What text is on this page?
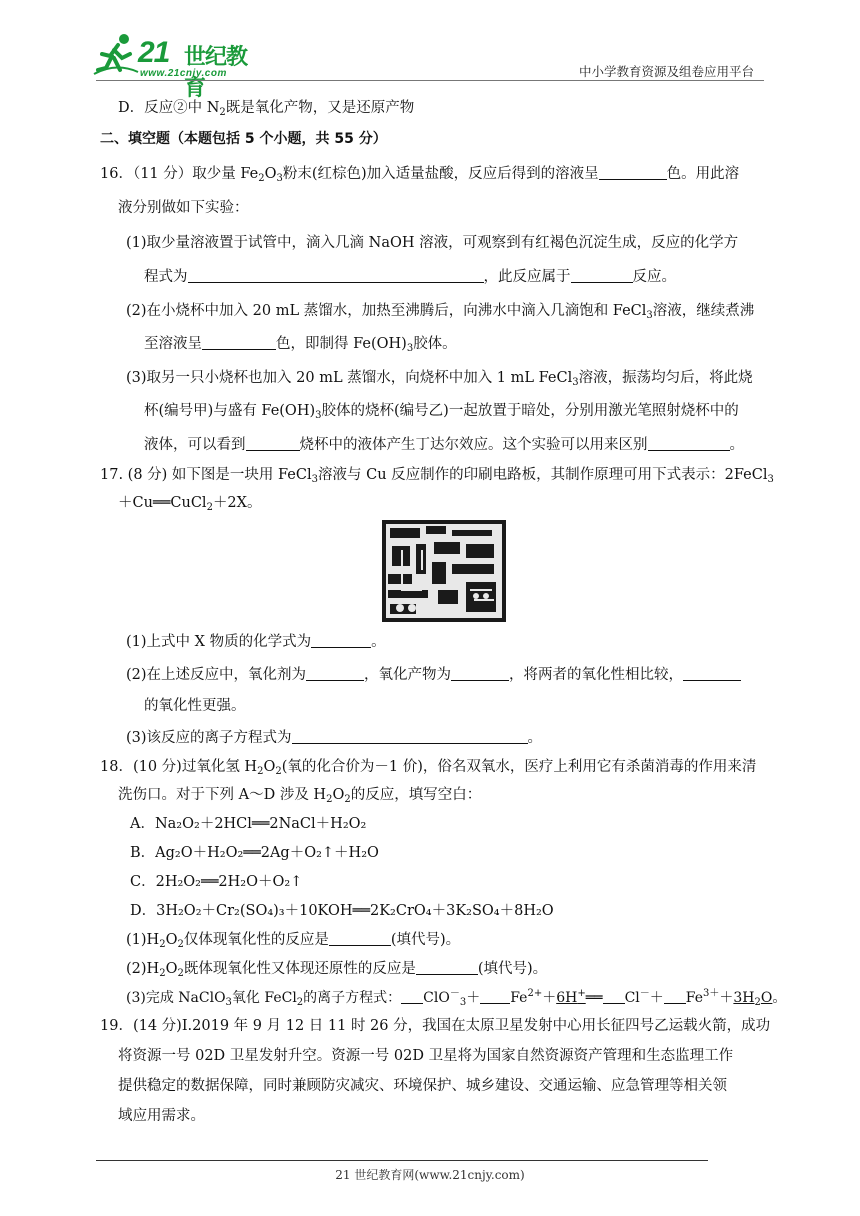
21 世纪教育
www.21cnjy.com	中小学教育资源及组卷应用平台
D．反应②中 $N_2$既是氧化产物，又是还原产物
二、填空题（本题包括 5 个小题，共 55 分）
16．（11 分）取少量 $Fe_2O_3$粉末(红棕色)加入适量盐酸，反应后得到的溶液呈	色。用此溶
液分别做如下实验：
(1)取少量溶液置于试管中，滴入几滴 NaOH 溶液，可观察到有红褐色沉淀生成，反应的化学方
程式为	，此反应属于	反应。
(2)在小烧杯中加入 20 mL 蒸馏水，加热至沸腾后，向沸水中滴入几滴饱和 FeCl$_3$溶液，继续煮沸
至溶液呈	色，即制得 $Fe(OH)_3$胶体。
(3)取另一只小烧杯也加入 20 mL 蒸馏水，向烧杯中加入 1 mL FeCl$_3$溶液，振荡均匀后，将此烧
杯(编号甲)与盛有 $Fe(OH)_3$胶体的烧杯(编号乙)一起放置于暗处，分别用激光笔照射烧杯中的
液体，可以看到	烧杯中的液体产生丁达尔效应。这个实验可以用来区别	。
17. (8 分) 如下图是一块用 FeCl$_3$溶液与 Cu 反应制作的印刷电路板，其制作原理可用下式表示：2FeCl$_3$
＋Cu══CuCl$_2$＋2X。
(1)上式中 X 物质的化学式为	。
(2)在上述反应中，氧化剂为	，氧化产物为	，将两者的氧化性相比较，
的氧化性更强。
(3)该反应的离子方程式为	。
18．(10 分)过氧化氢 $H_2O_2$(氧的化合价为－1 价)，俗名双氧水，医疗上利用它有杀菌消毒的作用来清
洗伤口。对于下列 A～D 涉及 $H_2O_2$的反应，填写空白：
A．Na₂O₂＋2HCl══2NaCl＋H₂O₂
B．Ag₂O＋H₂O₂══2Ag＋O₂↑＋H₂O
C．2H₂O₂══2H₂O＋O₂↑
D．3H₂O₂＋Cr₂(SO₄)₃＋10KOH══2K₂CrO₄＋3K₂SO₄＋8H₂O
$(1)H_2O_2$仅体现氧化性的反应是	(填代号)。
$(2)H_2O_2$既体现氧化性又体现还原性的反应是	(填代号)。
(3)完成 NaClO$_3$氧化 FeCl$_2$的离子方程式： $ClO^-_3+ Fe^{2+}+6H^+══$ $Cl^-+ Fe^{3+}+3H_2O$。
19．(14 分)Ⅰ.2019 年 9 月 12 日 11 时 26 分，我国在太原卫星发射中心用长征四号乙运载火箭，成功
将资源一号 02D 卫星发射升空。资源一号 02D 卫星将为国家自然资源资产管理和生态监理工作
提供稳定的数据保障，同时兼顾防灾减灾、环境保护、城乡建设、交通运输、应急管理等相关领
域应用需求。
21 世纪教育网(www.21cnjy.com)
